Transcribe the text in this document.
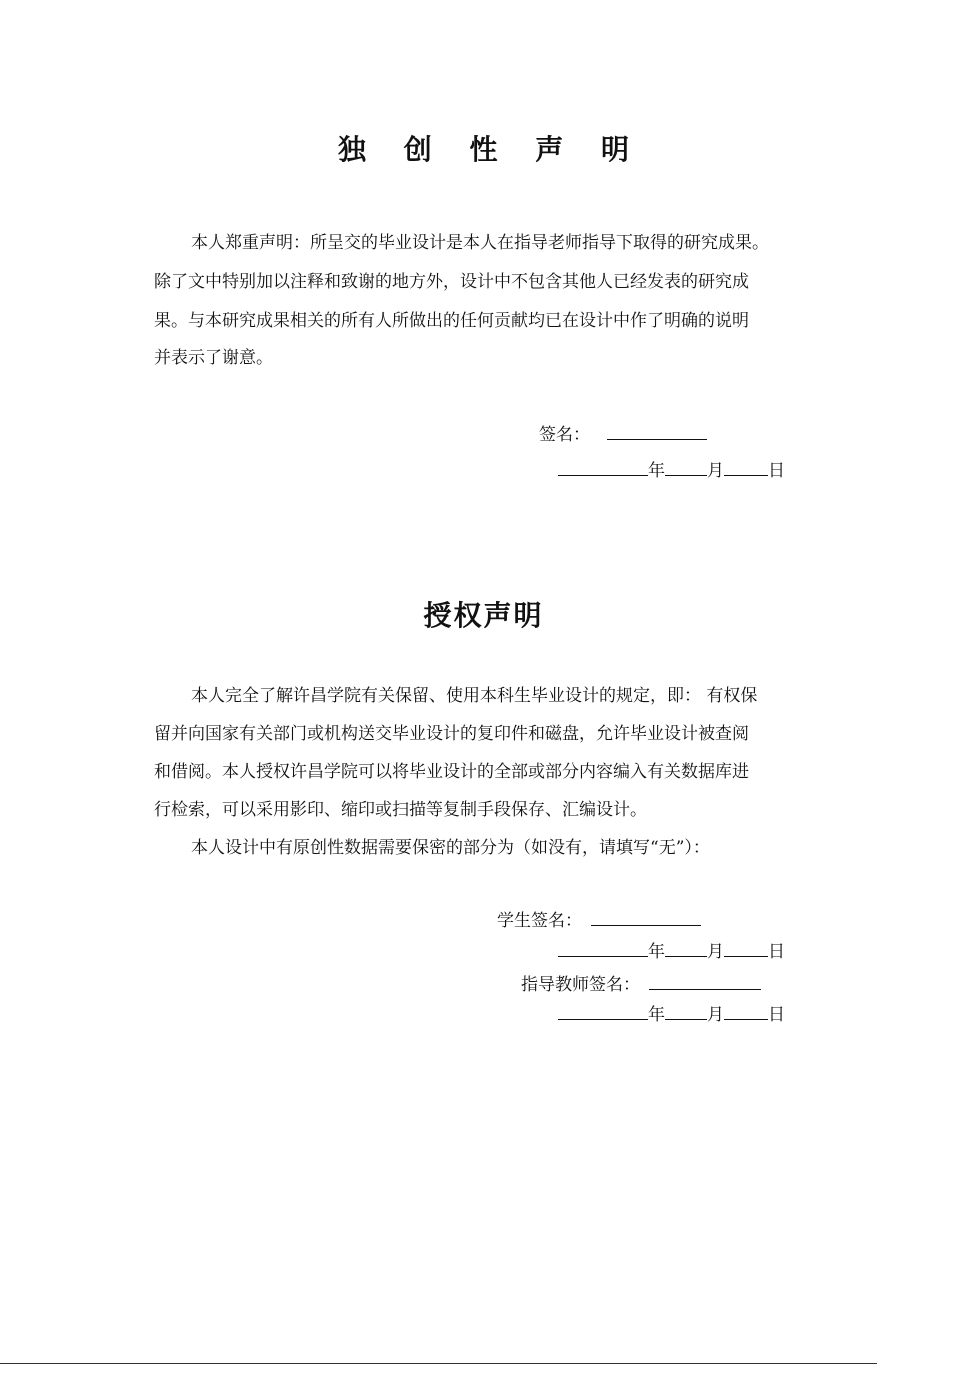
独 创 性 声 明
本人郑重声明：所呈交的毕业设计是本人在指导老师指导下取得的研究成果。
除了文中特别加以注释和致谢的地方外，设计中不包含其他人已经发表的研究成
果。与本研究成果相关的所有人所做出的任何贡献均已在设计中作了明确的说明
并表示了谢意。
签名：
年 月	日
授权声明
本人完全了解许昌学院有关保留、使用本科生毕业设计的规定，即： 有权保
留并向国家有关部门或机构送交毕业设计的复印件和磁盘，允许毕业设计被查阅
和借阅。本人授权许昌学院可以将毕业设计的全部或部分内容编入有关数据库进
行检索，可以采用影印、缩印或扫描等复制手段保存、汇编设计。
本人设计中有原创性数据需要保密的部分为（如没有，请填写“无”）：
学生签名：
年 月	日
指导教师签名：
年 月	日
